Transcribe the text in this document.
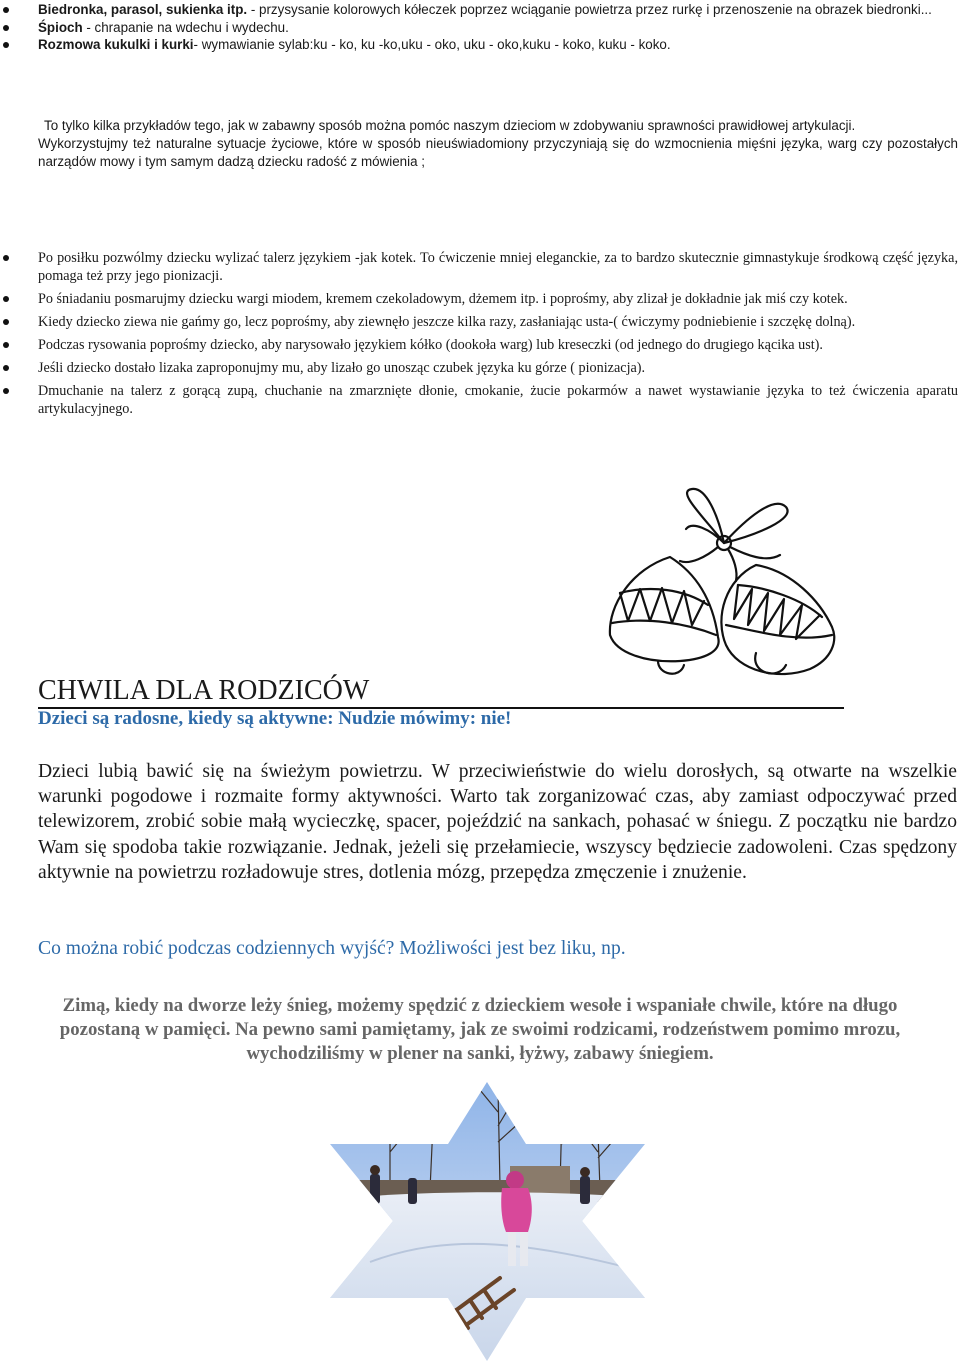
Biedronka, parasol, sukienka itp. - przysysanie kolorowych kółeczek poprzez wciąganie powietrza przez rurkę i przenoszenie na obrazek biedronki...
Śpioch - chrapanie na wdechu i wydechu.
Rozmowa kukulki i kurki- wymawianie sylab:ku - ko, ku -ko,uku - oko, uku - oko,kuku - koko, kuku - koko.

To tylko kilka przykładów tego, jak w zabawny sposób można pomóc naszym dzieciom w zdobywaniu sprawności prawidłowej artykulacji.

Wykorzystujmy też naturalne sytuacje życiowe, które w sposób nieuświadomiony przyczyniają się do wzmocnienia mięśni języka, warg czy pozostałych narządów mowy i tym samym dadzą dziecku radość z mówienia ;

Po posiłku pozwólmy dziecku wylizać talerz językiem -jak kotek. To ćwiczenie mniej eleganckie, za to bardzo skutecznie gimnastykuje środkową część języka, pomaga też przy jego pionizacji.
Po śniadaniu posmarujmy dziecku wargi miodem, kremem czekoladowym, dżemem itp. i poprośmy, aby zlizał je dokładnie jak miś czy kotek.
Kiedy dziecko ziewa nie gańmy go, lecz poprośmy, aby ziewnęło jeszcze kilka razy, zasłaniając usta-( ćwiczymy podniebienie i szczękę dolną).
Podczas rysowania poprośmy dziecko, aby narysowało językiem kółko (dookoła warg) lub kreseczki (od jednego do drugiego kącika ust).
Jeśli dziecko dostało lizaka zaproponujmy mu, aby lizało go unosząc czubek języka ku górze ( pionizacja).
Dmuchanie na talerz z gorącą zupą, chuchanie na zmarznięte dłonie, cmokanie, żucie pokarmów a nawet wystawianie języka to też ćwiczenia aparatu artykulacyjnego.
CHWILA DLA RODZICÓW
Dzieci są radosne, kiedy są aktywne: Nudzie mówimy: nie!

Dzieci lubią bawić się na świeżym powietrzu. W przeciwieństwie do wielu dorosłych, są otwarte na wszelkie warunki pogodowe i rozmaite formy aktywności. Warto tak zorganizować czas, aby zamiast odpoczywać przed telewizorem, zrobić sobie małą wycieczkę, spacer, pojeździć na sankach, pohasać w śniegu. Z początku nie bardzo Wam się spodoba takie rozwiązanie. Jednak, jeżeli się przełamiecie, wszyscy będziecie zadowoleni. Czas spędzony aktywnie na powietrzu rozładowuje stres, dotlenia mózg, przepędza zmęczenie i znużenie.

Co można robić podczas codziennych wyjść? Możliwości jest bez liku, np.

Zimą, kiedy na dworze leży śnieg, możemy spędzić z dzieckiem wesołe i wspaniałe chwile, które na długo pozostaną w pamięci. Na pewno sami pamiętamy, jak ze swoimi rodzicami, rodzeństwem pomimo mrozu, wychodziliśmy w plener na sanki, łyżwy, zabawy śniegiem.
